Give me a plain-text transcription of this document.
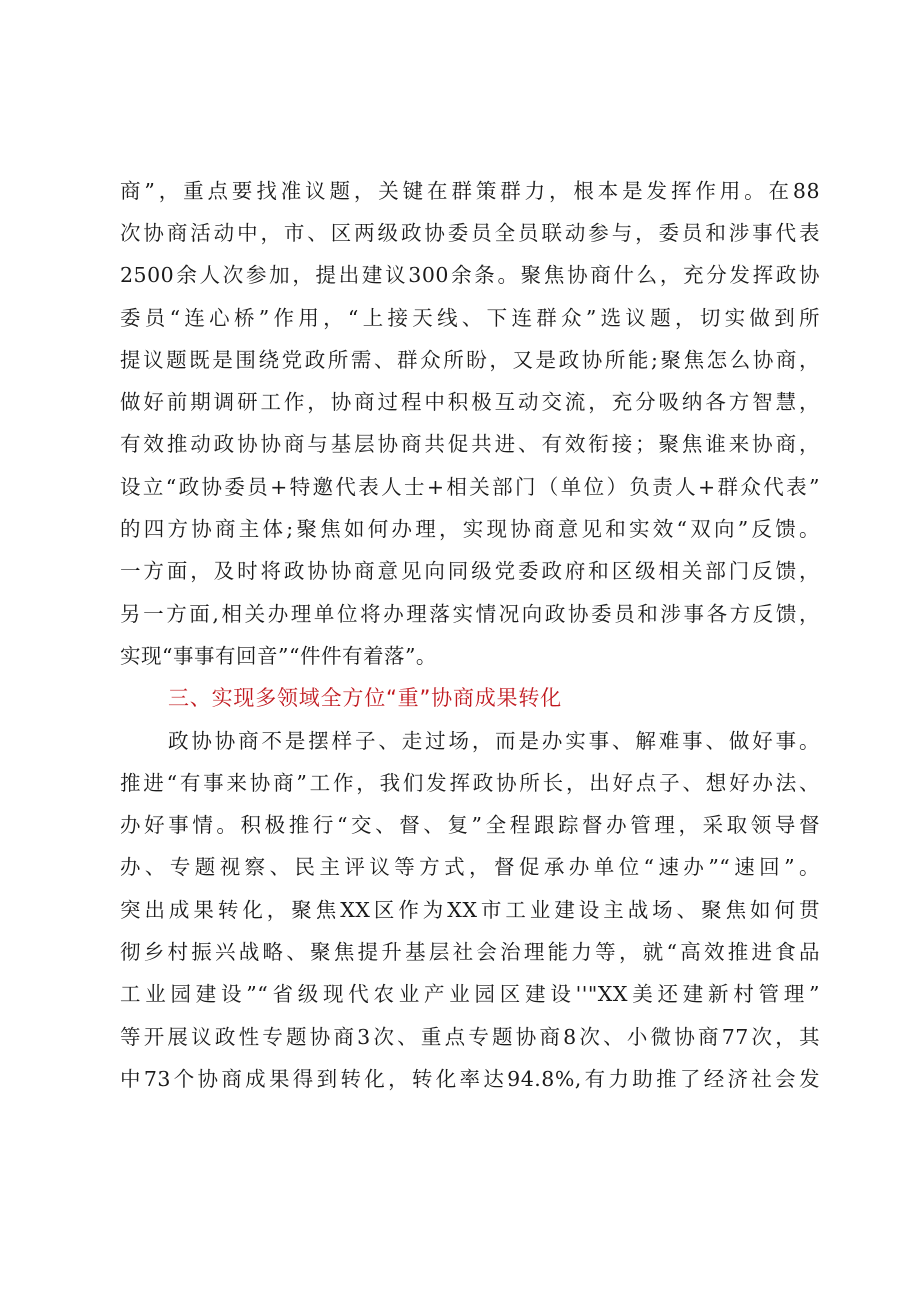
商”，重点要找准议题，关键在群策群力，根本是发挥作用。在88
次协商活动中，市、区两级政协委员全员联动参与，委员和涉事代表
2500余人次参加，提出建议300余条。聚焦协商什么，充分发挥政协
委员“连心桥”作用，“上接天线、下连群众”选议题，切实做到所
提议题既是围绕党政所需、群众所盼，又是政协所能;聚焦怎么协商，
做好前期调研工作，协商过程中积极互动交流，充分吸纳各方智慧，
有效推动政协协商与基层协商共促共进、有效衔接；聚焦谁来协商，
设立“政协委员+特邀代表人士+相关部门（单位）负责人+群众代表”
的四方协商主体;聚焦如何办理，实现协商意见和实效“双向”反馈。
一方面，及时将政协协商意见向同级党委政府和区级相关部门反馈，
另一方面,相关办理单位将办理落实情况向政协委员和涉事各方反馈，
实现“事事有回音”“件件有着落”。
三、实现多领域全方位“重”协商成果转化
政协协商不是摆样子、走过场，而是办实事、解难事、做好事。
推进“有事来协商”工作，我们发挥政协所长，出好点子、想好办法、
办好事情。积极推行“交、督、复”全程跟踪督办管理，采取领导督
办、专题视察、民主评议等方式，督促承办单位“速办”“速回”。
突出成果转化，聚焦XX区作为XX市工业建设主战场、聚焦如何贯
彻乡村振兴战略、聚焦提升基层社会治理能力等，就“高效推进食品
工业园建设”“省级现代农业产业园区建设''"XX美还建新村管理”
等开展议政性专题协商3次、重点专题协商8次、小微协商77次，其
中73个协商成果得到转化，转化率达94.8%,有力助推了经济社会发
